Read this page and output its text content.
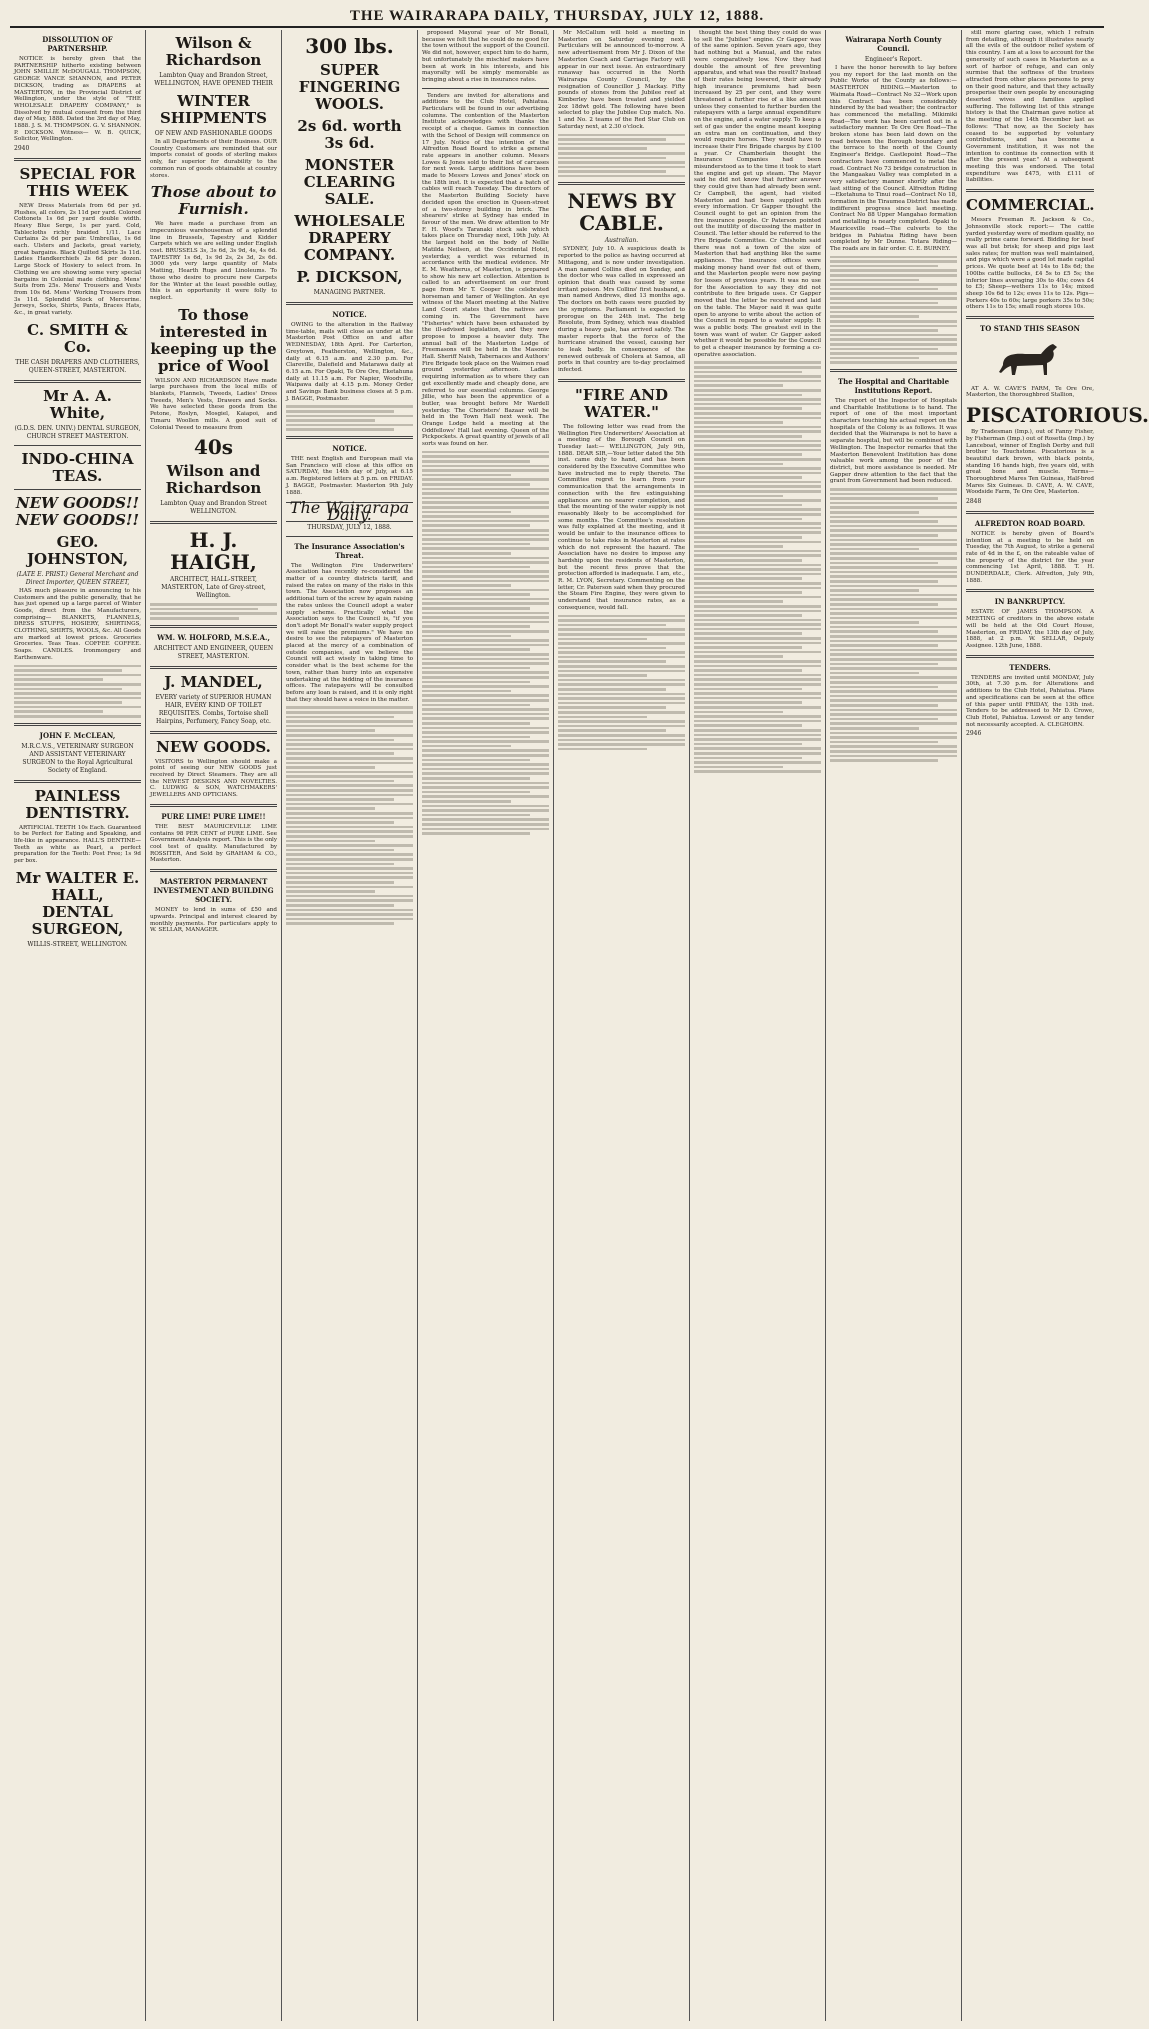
THE WAIRARAPA DAILY, THURSDAY, JULY 12, 1888.
DISSOLUTION OF PARTNERSHIP.

NOTICE is hereby given that the PARTNERSHIP hitherto existing between JOHN SMILLIE McDOUGALL THOMPSON, GEORGE VANCE SHANNON, and PETER DICKSON, trading as DRAPERS at MASTERTON, in the Provincial District of Wellington, under the style of "THE WHOLESALE DRAPERY COMPANY," is Dissolved by mutual consent from the third day of May, 1888. Dated the 3rd day of May, 1888. J. S. M. THOMPSON. G. V. SHANNON. P. DICKSON. Witness— W. B. QUICK, Solicitor, Wellington.

2940
SPECIAL FOR THIS WEEK

NEW Dress Materials from 6d per yd. Plushes, all colors, 2s 11d per yard. Colored Cottonets 1s 6d per yard double width. Heavy Blue Serge, 1s per yard. Cold, Tablecloths richly braided 1/11. Lace Curtains 2s 6d per pair. Umbrellas, 1s 6d each. Ulsters and Jackets, great variety, great bargains. Black Quilted Skirts 3s 11d. Ladies Handkerchiefs 2s 6d per dozen. Large Stock of Hosiery to select from. In Clothing we are showing some very special bargains in Colonial made clothing. Mens' Suits from 25s. Mens' Trousers and Vests from 10s 6d. Mens' Working Trousers from 3s 11d. Splendid Stock of Mercerine. Jerseys, Socks, Shirts, Pants, Braces Hats, &c., in great variety.

C. SMITH & Co.
THE CASH DRAPERS AND CLOTHIERS, QUEEN-STREET, MASTERTON.
Mr A. A. White,
(G.D.S. DEN. UNIV.) DENTAL SURGEON, CHURCH STREET MASTERTON.
INDO-CHINA TEAS.
NEW GOODS!! NEW GOODS!!
GEO. JOHNSTON,
(LATE E. PRIST.) General Merchant and Direct Importer, QUEEN STREET,

HAS much pleasure in announcing to his Customers and the public generally, that he has just opened up a large parcel of Winter Goods, direct from the Manufacturers, comprising— BLANKETS, FLANNELS, DRESS STUFFS, HOSIERY, SHIRTINGS, CLOTHING, SHIRTS, WOOLS, &c. All Goods are marked at lowest prices. Groceries Groceries. Teas Teas. COFFEE COFFEE. Soaps. CANDLES. Ironmongery and Earthenware.

JOHN F. McCLEAN,
M.R.C.V.S., VETERINARY SURGEON AND ASSISTANT VETERINARY SURGEON to the Royal Agricultural Society of England.
PAINLESS DENTISTRY.

ARTIFICIAL TEETH 10s Each. Guaranteed to be Perfect for Eating and Speaking, and life-like in appearance. HALL'S DENTINE—Teeth as white as Pearl, a perfect preparation for the Teeth: Post Free; 1s 9d per box.

Mr WALTER E. HALL, DENTAL SURGEON,
WILLIS-STREET, WELLINGTON.
Wilson & Richardson
Lambton Quay and Brandon Street, WELLINGTON, HAVE OPENED THEIR
WINTER SHIPMENTS
OF NEW AND FASHIONABLE GOODS

In all Departments of their Business. OUR Country Customers are reminded that our imports consist of goods of sterling makes only, far superior for durability to the common run of goods obtainable at country stores.

Those about to Furnish.

We have made a purchase from an impecunious warehouseman of a splendid line in Brussels, Tapestry and Kidder Carpets which we are selling under English cost. BRUSSELS 3s, 3s 6d, 3s 9d, 4s, 4s 6d. TAPESTRY 1s 6d, 1s 9d 2s, 2s 3d, 2s 6d. 3000 yds very large quantity of Mats Matting, Hearth Rugs and Linoleums. To those who desire to procure new Carpets for the Winter at the least possible outlay, this is an opportunity it were folly to neglect.

To those interested in keeping up the price of Wool

WILSON AND RICHARDSON Have made large purchases from the local mills of blankets, Flannels, Tweeds, Ladies' Dress Tweeds, Men's Vests, Drawers and Socks. We have selected these goods from the Petone, Roslyn, Mosgiel, Kaiapoi, and Timaru Woollen mills. A good suit of Colonial Tweed to measure from

40s
Wilson and Richardson
Lambton Quay and Brandon Street WELLINGTON.
H. J. HAIGH,
ARCHITECT, HALL-STREET, MASTERTON, Late of Grey-street, Wellington.
WM. W. HOLFORD, M.S.E.A.,
ARCHITECT AND ENGINEER, QUEEN STREET, MASTERTON.
J. MANDEL,
EVERY variety of SUPERIOR HUMAN HAIR, EVERY KIND OF TOILET REQUISITES. Combs, Tortoise shell Hairpins, Perfumery, Fancy Soap, etc.
NEW GOODS.

VISITORS to Wellington should make a point of seeing our NEW GOODS just received by Direct Steamers. They are all the NEWEST DESIGNS AND NOVELTIES. C. LUDWIG & SON, WATCHMAKERS' JEWELLERS AND OPTICIANS.

PURE LIME! PURE LIME!!

THE BEST MAURICEVILLE LIME contains 98 PER CENT of PURE LIME. See Government Analysis report. This is the only cool test of quality. Manufactured by ROSSITER, And Sold by GRAHAM & CO., Masterton.

MASTERTON PERMANENT INVESTMENT AND BUILDING SOCIETY.

MONEY to lend in sums of £50 and upwards. Principal and interest cleared by monthly payments. For particulars apply to W. SELLAR, MANAGER.

300 lbs.
SUPER FINGERING WOOLS.
2s 6d. worth 3s 6d.
MONSTER CLEARING SALE.
WHOLESALE DRAPERY COMPANY.
P. DICKSON,
MANAGING PARTNER.
NOTICE.

OWING to the alteration in the Railway time-table, mails will close as under at the Masterton Post Office on and after WEDNESDAY, 18th April. For Carterton, Greytown, Featherston, Wellington, &c., daily at 6.15 a.m. and 2.30 p.m. For Clareville, Dalefield and Matarawa daily at 6.15 a.m. For Opaki, Te Ore Ore, Eketahuna daily at 11.15 a.m. For Napier, Woodville, Waipawa daily at 4.15 p.m. Money Order and Savings Bank business closes at 5 p.m. J. BAGGE, Postmaster.

NOTICE.

THE next English and European mail via San Francisco will close at this office on SATURDAY, the 14th day of July, at 6.15 a.m. Registered letters at 5 p.m. on FRIDAY. J. BAGGE, Postmaster. Masterton 9th July 1888.

The Wairarapa Daily.
THURSDAY, JULY 12, 1888.
The Insurance Association's Threat.

The Wellington Fire Underwriters' Association has recently re-considered the matter of a country districts tariff, and raised the rates on many of the risks in this town. The Association now proposes an additional turn of the screw by again raising the rates unless the Council adopt a water supply scheme. Practically what the Association says to the Council is, "if you don't adopt Mr Bonall's water supply project we will raise the premiums." We have no desire to see the ratepayers of Masterton placed at the mercy of a combination of outside companies, and we believe the Council will act wisely in taking time to consider what is the best scheme for the town, rather than hurry into an expensive undertaking at the bidding of the insurance offices. The ratepayers will be consulted before any loan is raised, and it is only right that they should have a voice in the matter.

proposed Mayoral year of Mr Bonall, because we felt that he could do no good for the town without the support of the Council. We did not, however, expect him to do harm, but unfortunately the mischief makers have been at work in his interests, and his mayoralty will be simply memorable as bringing about a rise in insurance rates.

Tenders are invited for alterations and additions to the Club Hotel, Pahiatua. Particulars will be found in our advertising columns. The contention of the Masterton Institute acknowledges with thanks the receipt of a cheque. Games in connection with the School of Design will commence on 17 July. Notice of the intention of the Alfredton Road Board to strike a general rate appears in another column. Messrs Lowes & Jones sold to their list of carcases for next week. Large additions have been made to Messrs Lowes and Jones' stock on the 18th inst. It is expected that a batch of cables will reach Tuesday. The directors of the Masterton Building Society have decided upon the erection in Queen-street of a two-storey building in brick. The shearers' strike at Sydney has ended in favour of the men. We draw attention to Mr F. H. Wood's Taranaki stock sale which takes place on Thursday next, 19th July. At the largest hold on the body of Nellie Matilda Neilsen, at the Occidental Hotel, yesterday, a verdict was returned in accordance with the medical evidence. Mr E. M. Weatherus, of Masterton, is prepared to show his new art collection. Attention is called to an advertisement on our front page from Mr T. Cooper the celebrated horseman and tamer of Wellington. An eye witness of the Maori meeting at the Native Land Court states that the natives are coming in. The Government have "Fisheries" which have been exhausted by the ill-advised legislation, and they now propose to impose a heavier duty. The annual ball of the Masterton Lodge of Freemasons will be held in the Masonic Hall. Sheriff Naish, Tabernaces and Authors' Fire Brigade took place on the Waimen road ground yesterday afternoon. Ladies requiring information as to where they can get excellently made and cheaply done, are referred to our essential columns. George Jillie, who has been the apprentice of a butler, was brought before Mr Wardell yesterday. The Choristers' Bazaar will be held in the Town Hall next week. The Orange Lodge held a meeting at the Oddfellows' Hall last evening. Queen of the Pickpockets. A great quantity of jewels of all sorts was found on her.

Mr McCallum will hold a meeting in Masterton on Saturday evening next. Particulars will be announced to-morrow. A new advertisement from Mr J. Dixon of the Masterton Coach and Carriage Factory will appear in our next issue. An extraordinary runaway has occurred in the North Wairarapa County Council, by the resignation of Councillor J. Mackay. Fifty pounds of stones from the Jubilee reef at Kimberley have been treated and yielded 2oz 18dwt gold. The following have been selected to play the Jubilee Cup match. No. 1 and No. 2 teams of the Red Star Club on Saturday next, at 2.30 o'clock.

NEWS BY CABLE.
Australian.

SYDNEY, July 10. A suspicious death is reported to the police as having occurred at Mittagong, and is now under investigation. A man named Collins died on Sunday, and the doctor who was called in expressed an opinion that death was caused by some irritant poison. Mrs Collins' first husband, a man named Andrews, died 13 months ago. The doctors on both cases were puzzled by the symptoms. Parliament is expected to prorogue on the 24th inst. The brig Resolute, from Sydney, which was disabled during a heavy gale, has arrived safely. The master reports that the force of the hurricane strained the vessel, causing her to leak badly. In consequence of the renewed outbreak of Cholera at Samoa, all ports in that country are to-day proclaimed infected.

"FIRE AND WATER."

The following letter was read from the Wellington Fire Underwriters' Association at a meeting of the Borough Council on Tuesday last:— WELLINGTON, July 9th, 1888. DEAR SIR,—Your letter dated the 5th inst. came duly to hand, and has been considered by the Executive Committee who have instructed me to reply thereto. The Committee regret to learn from your communication that the arrangements in connection with the fire extinguishing appliances are no nearer completion, and that the mounting of the water supply is not reasonably likely to be accomplished for some months. The Committee's resolution was fully explained at the meeting, and it would be unfair to the insurance offices to continue to take risks in Masterton at rates which do not represent the hazard. The Association have no desire to impose any hardship upon the residents of Masterton, but the recent fires prove that the protection afforded is inadequate. I am, etc., R. M. LYON, Secretary. Commenting on the letter, Cr. Paterson said when they procured the Steam Fire Engine, they were given to understand that insurance rates, as a consequence, would fall.

thought the best thing they could do was to sell the "Jubilee" engine. Cr Gapper was of the same opinion. Seven years ago, they had nothing but a Manual, and the rates were comparatively low. Now they had double the amount of fire preventing apparatus, and what was the result? Instead of their rates being lowered, their already high insurance premiums had been increased by 25 per cent, and they were threatened a further rise of a like amount unless they consented to further burden the ratepayers with a large annual expenditure on the engine, and a water supply. To keep a set of gas under the engine meant keeping an extra man on continuation, and they would require horses. They would have to increase their Fire Brigade charges by £100 a year. Cr Chamberlain thought the Insurance Companies had been misunderstood as to the time it took to start the engine and get up steam. The Mayor said he did not know that further answer they could give than had already been sent. Cr Campbell, the agent, had visited Masterton and had been supplied with every information. Cr Gapper thought the Council ought to get an opinion from the fire insurance people. Cr Paterson pointed out the inutility of discussing the matter in Council. The letter should be referred to the Fire Brigade Committee. Cr Chisholm said there was not a town of the size of Masterton that had anything like the same appliances. The insurance offices were making money hand over fist out of them, and the Masterton people were now paying for losses of previous years. It was no use for the Association to say they did not contribute to fire brigade uses. Cr Gapper moved that the letter be received and laid on the table. The Mayor said it was quite open to anyone to write about the action of the Council in regard to a water supply. It was a public body. The greatest evil in the town was want of water. Cr Gapper asked whether it would be possible for the Council to get a cheaper insurance by forming a co-operative association.

Wairarapa North County Council.
Engineer's Report.

I have the honor herewith to lay before you my report for the last month on the Public Works of the County as follows:— MASTERTON RIDING.—Masterton to Waimata Road—Contract No 32—Work upon this Contract has been considerably hindered by the bad weather; the contractor has commenced the metalling. Mikimiki Road—The work has been carried out in a satisfactory manner. Te Ore Ore Road—The broken stone has been laid down on the road between the Borough boundary and the terrace to the north of the County Engineer's Bridge. Castlepoint Road—The contractors have commenced to metal the road. Contract No 73 bridge construction in the Mangaakau Valley was completed in a very satisfactory manner shortly after the last sitting of the Council. Alfredton Riding—Eketahuna to Tinui road—Contract No 18, formation in the Tiraumea District has made indifferent progress since last meeting. Contract No 88 Upper Mangahao formation and metalling is nearly completed. Opaki to Mauriceville road—The culverts to the bridges in Pahiatua Riding have been completed by Mr Dunne. Totara Riding—The roads are in fair order. C. E. BURNEY.

The Hospital and Charitable Institutions Report.

The report of the Inspector of Hospitals and Charitable Institutions is to hand. The report of one of the most important characters touching his actual report on the hospitals of the Colony is as follows. It was decided that the Wairarapa is not to have a separate hospital, but will be combined with Wellington. The Inspector remarks that the Masterton Benevolent Institution has done valuable work among the poor of the district, but more assistance is needed. Mr Gapper drew attention to the fact that the grant from Government had been reduced.

still more glaring case, which I refrain from detailing, although it illustrates nearly all the evils of the outdoor relief system of this country. I am at a loss to account for the generosity of such cases in Masterton as a sort of harbor of refuge, and can only surmise that the softness of the trustees attracted from other places persons to prey on their good nature, and that they actually prosperise their own people by encouraging deserted wives and families applied suffering. The following list of this strange history is that the Chairman gave notice at the meeting of the 14th December last as follows: "That now, as the Society has ceased to be supported by voluntary contributions, and has become a Government institution, it was not the intention to continue its connection with it after the present year." At a subsequent meeting this was endorsed. The total expenditure was £475, with £111 of liabilities.

COMMERCIAL.

Messrs Freeman R. Jackson & Co., Johnsonville stock report:— The cattle yarded yesterday were of medium quality, no really prime came forward. Bidding for beef was all but brisk; for sheep and pigs last sales rates; for mutton was well maintained, and pigs which were a good lot made capital prices. We quote beef at 14s to 18s 6d; the 100lbs cattle bullocks, £4 5s to £5 5s; the inferior lines averaging 30s to 40s; cows £4 to £5; Sheep—wethers 11s to 14s; mixed sheep 10s 6d to 12s; ewes 11s to 12s. Pigs—Porkers 40s to 60s; large porkers 35s to 50s; others 11s to 15s; small rough stores 10s.

TO STAND THIS SEASON

AT A. W. CAVE'S FARM, Te Ore Ore, Masterton, the thoroughbred Stallion,

PISCATORIOUS.

By Tradesman (Imp.), out of Fanny Fisher, by Fisherman (Imp.) out of Rosetta (Imp.) by Lanceboat, winner of English Derby and full brother to Touchstone. Piscatorious is a beautiful dark brown, with black points, standing 16 hands high, five years old, with great bone and muscle. Terms—Thoroughbred Mares Ten Guineas, Half-bred Mares Six Guineas. D. CAVE, A. W. CAVE, Woodside Farm, Te Ore Ore, Masterton.

2848
ALFREDTON ROAD BOARD.

NOTICE is hereby given of Board's intention at a meeting to be held on Tuesday, the 7th August, to strike a general rate of 4d in the £, on the rateable value of the property of the district for the year commencing 1st April, 1888. T. H. DUNDERDALE, Clerk. Alfredton, July 9th, 1888.

IN BANKRUPTCY.

ESTATE OF JAMES THOMPSON. A MEETING of creditors in the above estate will be held at the Old Court House, Masterton, on FRIDAY, the 13th day of July, 1888, at 2 p.m. W. SELLAR, Deputy Assignee. 12th June, 1888.

TENDERS.

TENDERS are invited until MONDAY, July 30th, at 7.30 p.m. for Alterations and additions to the Club Hotel, Pahiatua. Plans and specifications can be seen at the office of this paper until FRIDAY, the 13th inst. Tenders to be addressed to Mr D. Crowe, Club Hotel, Pahiatua. Lowest or any tender not necessarily accepted. A. CLEGHORN.

2946
